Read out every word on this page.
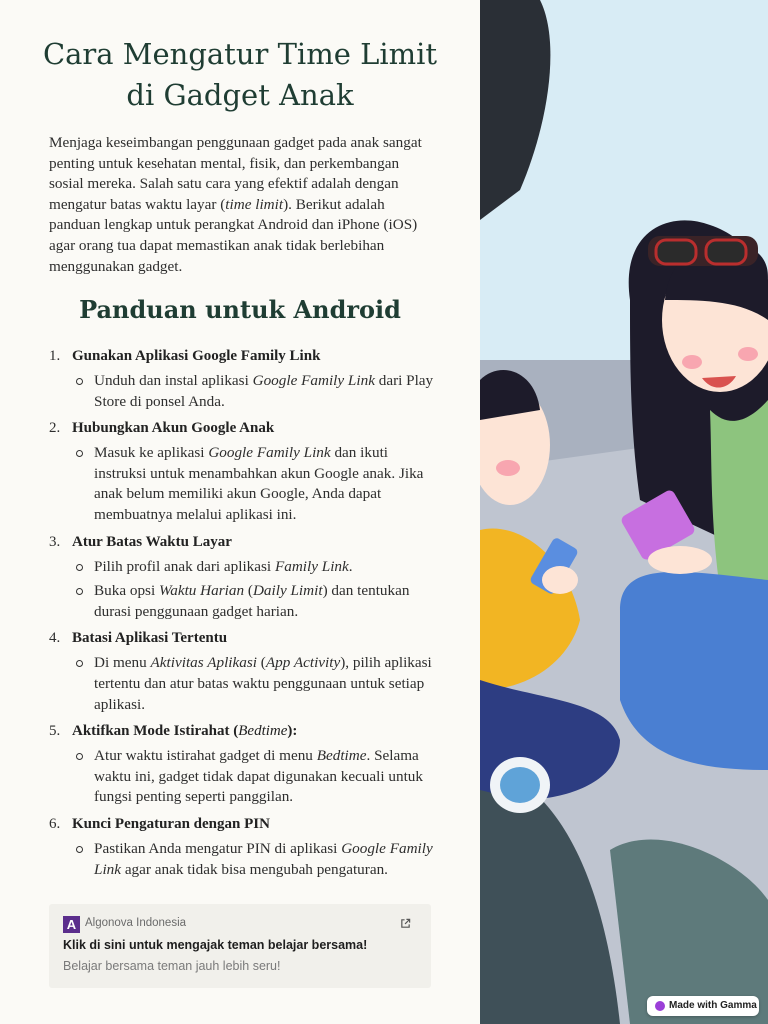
Cara Mengatur Time Limit di Gadget Anak

Menjaga keseimbangan penggunaan gadget pada anak sangat penting untuk kesehatan mental, fisik, dan perkembangan sosial mereka. Salah satu cara yang efektif adalah dengan mengatur batas waktu layar (time limit). Berikut adalah panduan lengkap untuk perangkat Android dan iPhone (iOS) agar orang tua dapat memastikan anak tidak berlebihan menggunakan gadget.

Panduan untuk Android
1. Gunakan Aplikasi Google Family Link
Unduh dan instal aplikasi Google Family Link dari Play Store di ponsel Anda.
2. Hubungkan Akun Google Anak
Masuk ke aplikasi Google Family Link dan ikuti instruksi untuk menambahkan akun Google anak. Jika anak belum memiliki akun Google, Anda dapat membuatnya melalui aplikasi ini.
3. Atur Batas Waktu Layar
Pilih profil anak dari aplikasi Family Link.
Buka opsi Waktu Harian (Daily Limit) dan tentukan durasi penggunaan gadget harian.
4. Batasi Aplikasi Tertentu
Di menu Aktivitas Aplikasi (App Activity), pilih aplikasi tertentu dan atur batas waktu penggunaan untuk setiap aplikasi.
5. Aktifkan Mode Istirahat (Bedtime):
Atur waktu istirahat gadget di menu Bedtime. Selama waktu ini, gadget tidak dapat digunakan kecuali untuk fungsi penting seperti panggilan.
6. Kunci Pengaturan dengan PIN
Pastikan Anda mengatur PIN di aplikasi Google Family Link agar anak tidak bisa mengubah pengaturan.
A Algonova Indonesia
Klik di sini untuk mengajak teman belajar bersama!
Belajar bersama teman jauh lebih seru!
Made with Gamma
